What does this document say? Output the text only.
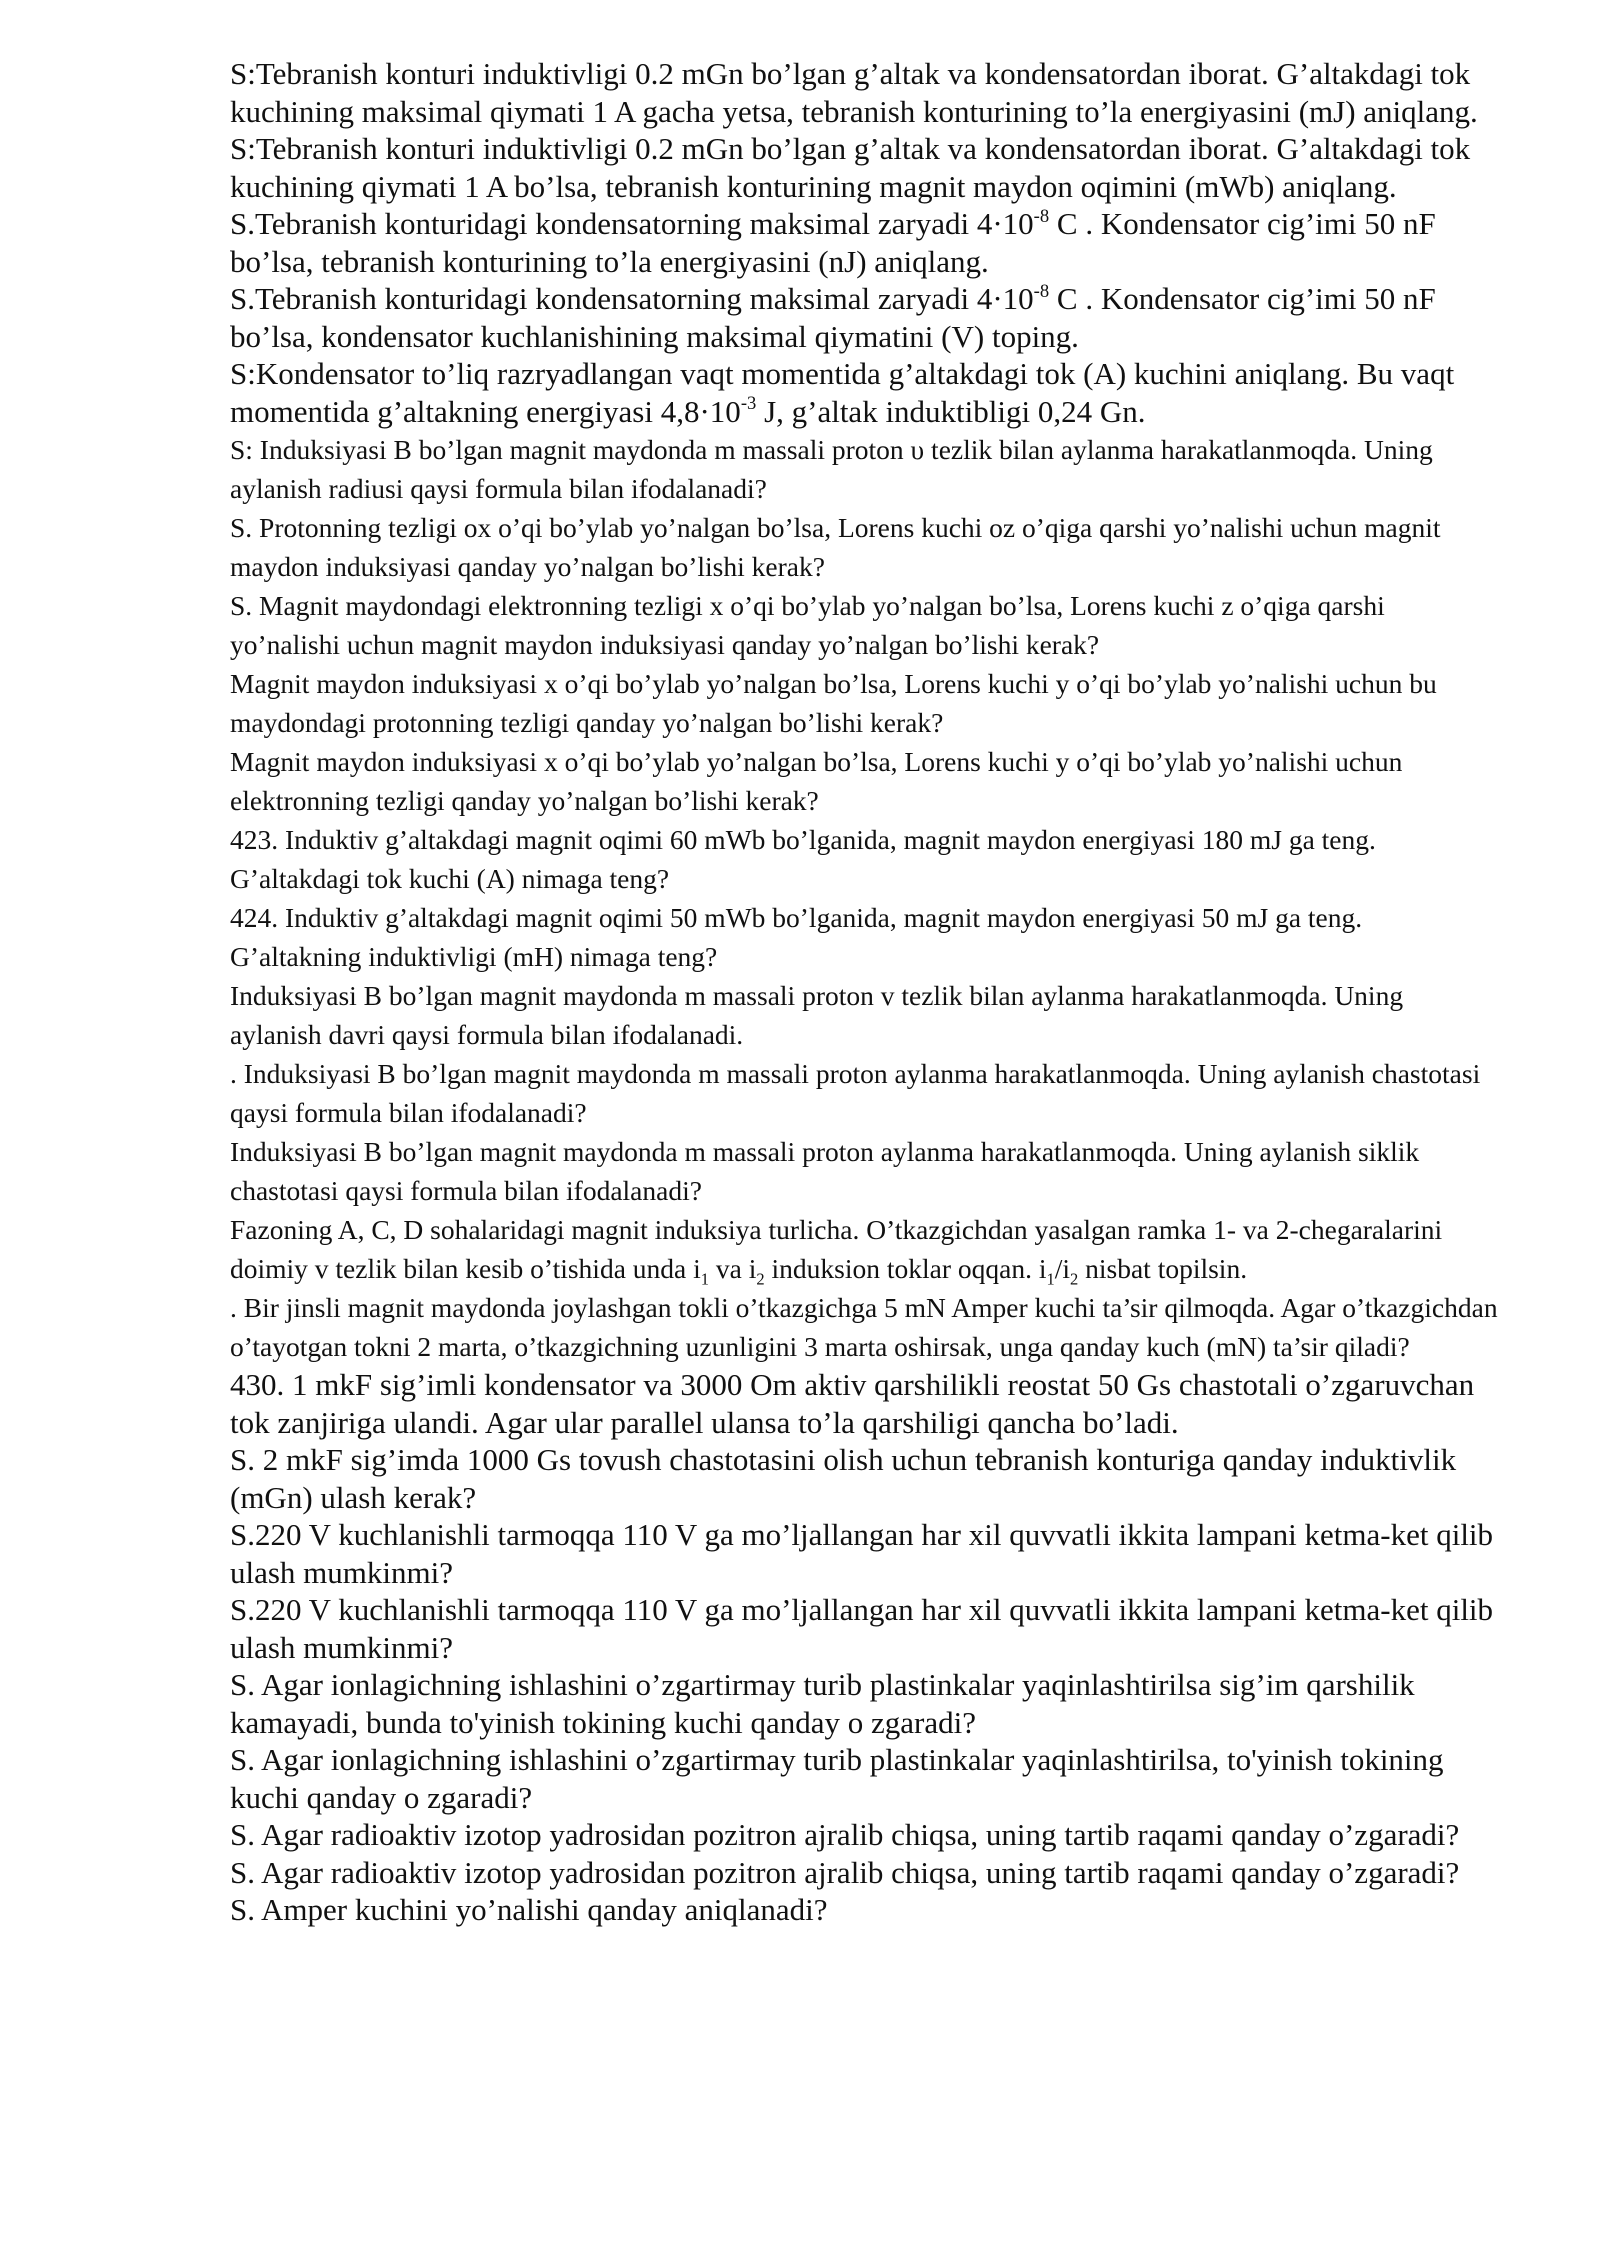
S:Tebranish konturi induktivligi 0.2 mGn bo’lgan g’altak va kondensatordan iborat. G’altakdagi tok kuchining maksimal qiymati 1 A gacha yetsa, tebranish konturining to’la energiyasini (mJ) aniqlang.

S:Tebranish konturi induktivligi 0.2 mGn bo’lgan g’altak va kondensatordan iborat. G’altakdagi tok kuchining qiymati 1 A bo’lsa, tebranish konturining magnit maydon oqimini (mWb) aniqlang.

S.Tebranish konturidagi kondensatorning maksimal zaryadi $4\cdot 10^{-8}$ C . Kondensator cig’imi 50 nF bo’lsa, tebranish konturining to’la energiyasini (nJ) aniqlang.

S.Tebranish konturidagi kondensatorning maksimal zaryadi $4\cdot 10^{-8}$ C . Kondensator cig’imi 50 nF bo’lsa, kondensator kuchlanishining maksimal qiymatini (V) toping.

S:Kondensator to’liq razryadlangan vaqt momentida g’altakdagi tok (A) kuchini aniqlang. Bu vaqt momentida g’altakning energiyasi $4,8\cdot 10^{-3}$ J, g’altak induktibligi 0,24 Gn.

S: Induksiyasi B bo’lgan magnit maydonda m massali proton υ tezlik bilan aylanma harakatlanmoqda. Uning aylanish radiusi qaysi formula bilan ifodalanadi?

S. Protonning tezligi ox o’qi bo’ylab yo’nalgan bo’lsa, Lorens kuchi oz o’qiga qarshi yo’nalishi uchun magnit maydon induksiyasi qanday yo’nalgan bo’lishi kerak?

S. Magnit maydondagi elektronning tezligi x o’qi bo’ylab yo’nalgan bo’lsa, Lorens kuchi z o’qiga qarshi yo’nalishi uchun magnit maydon induksiyasi qanday yo’nalgan bo’lishi kerak?

Magnit maydon induksiyasi x o’qi bo’ylab yo’nalgan bo’lsa, Lorens kuchi y o’qi bo’ylab yo’nalishi uchun bu maydondagi protonning tezligi qanday yo’nalgan bo’lishi kerak?

Magnit maydon induksiyasi x o’qi bo’ylab yo’nalgan bo’lsa, Lorens kuchi y o’qi bo’ylab yo’nalishi uchun elektronning tezligi qanday yo’nalgan bo’lishi kerak?

423. Induktiv g’altakdagi magnit oqimi 60 mWb bo’lganida, magnit maydon energiyasi 180 mJ ga teng. G’altakdagi tok kuchi (A) nimaga teng?

424. Induktiv g’altakdagi magnit oqimi 50 mWb bo’lganida, magnit maydon energiyasi 50 mJ ga teng. G’altakning induktivligi (mH) nimaga teng?

Induksiyasi B bo’lgan magnit maydonda m massali proton v tezlik bilan aylanma harakatlanmoqda. Uning aylanish davri qaysi formula bilan ifodalanadi.

. Induksiyasi B bo’lgan magnit maydonda m massali proton aylanma harakatlanmoqda. Uning aylanish chastotasi qaysi formula bilan ifodalanadi?

Induksiyasi B bo’lgan magnit maydonda m massali proton aylanma harakatlanmoqda. Uning aylanish siklik chastotasi qaysi formula bilan ifodalanadi?

Fazoning A, C, D sohalaridagi magnit induksiya turlicha. O’tkazgichdan yasalgan ramka 1- va 2-chegaralarini doimiy v tezlik bilan kesib o’tishida unda $i_1$ va $i_2$ induksion toklar oqqan. $i_1/i_2$ nisbat topilsin.

. Bir jinsli magnit maydonda joylashgan tokli o’tkazgichga 5 mN Amper kuchi ta’sir qilmoqda. Agar o’tkazgichdan o’tayotgan tokni 2 marta, o’tkazgichning uzunligini 3 marta oshirsak, unga qanday kuch (mN) ta’sir qiladi?

430. 1 mkF sig’imli kondensator va 3000 Om aktiv qarshilikli reostat 50 Gs chastotali o’zgaruvchan tok zanjiriga ulandi. Agar ular parallel ulansa to’la qarshiligi qancha bo’ladi.

S. 2 mkF sig’imda 1000 Gs tovush chastotasini olish uchun tebranish konturiga qanday induktivlik (mGn) ulash kerak?

S.220 V kuchlanishli tarmoqqa 110 V ga mo’ljallangan har xil quvvatli ikkita lampani ketma-ket qilib ulash mumkinmi?

S.220 V kuchlanishli tarmoqqa 110 V ga mo’ljallangan har xil quvvatli ikkita lampani ketma-ket qilib ulash mumkinmi?

S. Agar ionlagichning ishlashini o’zgartirmay turib plastinkalar yaqinlashtirilsa sig’im qarshilik kamayadi, bunda to'yinish tokining kuchi qanday o zgaradi?

S. Agar ionlagichning ishlashini o’zgartirmay turib plastinkalar yaqinlashtirilsa, to'yinish tokining kuchi qanday o zgaradi?

S. Agar radioaktiv izotop yadrosidan pozitron ajralib chiqsa, uning tartib raqami qanday o’zgaradi?

S. Agar radioaktiv izotop yadrosidan pozitron ajralib chiqsa, uning tartib raqami qanday o’zgaradi?

S. Amper kuchini yo’nalishi qanday aniqlanadi?
